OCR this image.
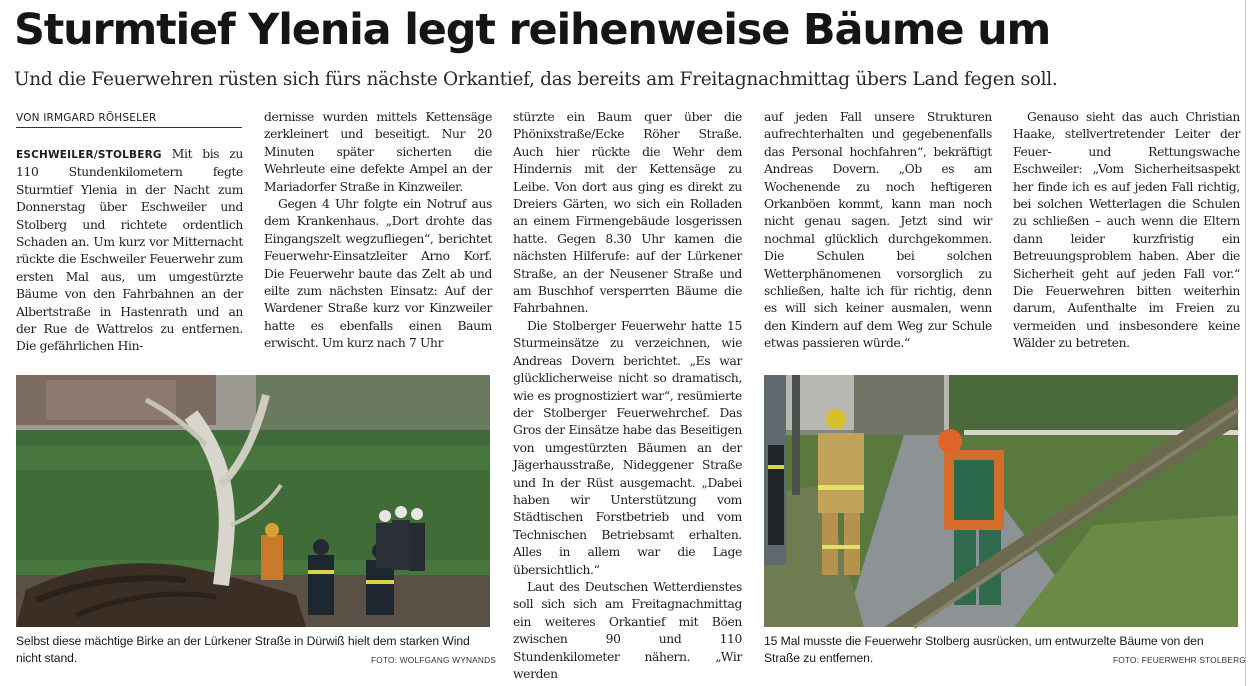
Sturmtief Ylenia legt reihenweise Bäume um
Und die Feuerwehren rüsten sich fürs nächste Orkantief, das bereits am Freitagnachmittag übers Land fegen soll.
VON IRMGARD RÖHSELER

ESCHWEILER/STOLBERG Mit bis zu 110 Stundenkilometern fegte Sturmtief Ylenia in der Nacht zum Donnerstag über Eschweiler und Stolberg und richtete ordentlich Schaden an. Um kurz vor Mitternacht rückte die Eschweiler Feuerwehr zum ersten Mal aus, um umgestürzte Bäume von den Fahrbahnen an der Albertstraße in Hastenrath und an der Rue de Wattrelos zu entfernen. Die gefährlichen Hin-

dernisse wurden mittels Kettensäge zerkleinert und beseitigt. Nur 20 Minuten später sicherten die Wehrleute eine defekte Ampel an der Mariadorfer Straße in Kinzweiler.

Gegen 4 Uhr folgte ein Notruf aus dem Krankenhaus. „Dort drohte das Eingangszelt wegzufliegen“, berichtet Feuerwehr-Einsatzleiter Arno Korf. Die Feuerwehr baute das Zelt ab und eilte zum nächsten Einsatz: Auf der Wardener Straße kurz vor Kinzweiler hatte es ebenfalls einen Baum erwischt. Um kurz nach 7 Uhr

stürzte ein Baum quer über die Phönixstraße/Ecke Röher Straße. Auch hier rückte die Wehr dem Hindernis mit der Kettensäge zu Leibe. Von dort aus ging es direkt zu Dreiers Gärten, wo sich ein Rolladen an einem Firmengebäude losgerissen hatte. Gegen 8.30 Uhr kamen die nächsten Hilferufe: auf der Lürkener Straße, an der Neusener Straße und am Buschhof versperrten Bäume die Fahrbahnen.

Die Stolberger Feuerwehr hatte 15 Sturmeinsätze zu verzeichnen, wie Andreas Dovern berichtet. „Es war glücklicherweise nicht so dramatisch, wie es prognostiziert war“, resümierte der Stolberger Feuerwehrchef. Das Gros der Einsätze habe das Beseitigen von umgestürzten Bäumen an der Jägerhausstraße, Nideggener Straße und In der Rüst ausgemacht. „Dabei haben wir Unterstützung vom Städtischen Forstbetrieb und vom Technischen Betriebsamt erhalten. Alles in allem war die Lage übersichtlich.“

Laut des Deutschen Wetterdienstes soll sich sich am Freitagnachmittag ein weiteres Orkantief mit Böen zwischen 90 und 110 Stundenkilometer nähern. „Wir werden

auf jeden Fall unsere Strukturen aufrechterhalten und gegebenenfalls das Personal hochfahren“, bekräftigt Andreas Dovern. „Ob es am Wochenende zu noch heftigeren Orkanböen kommt, kann man noch nicht genau sagen. Jetzt sind wir nochmal glücklich durchgekommen. Die Schulen bei solchen Wetterphänomenen vorsorglich zu schließen, halte ich für richtig, denn es will sich keiner ausmalen, wenn den Kindern auf dem Weg zur Schule etwas passieren würde.“

Genauso sieht das auch Christian Haake, stellvertretender Leiter der Feuer- und Rettungswache Eschweiler: „Vom Sicherheitsaspekt her finde ich es auf jeden Fall richtig, bei solchen Wetterlagen die Schulen zu schließen – auch wenn die Eltern dann leider kurzfristig ein Betreuungsproblem haben. Aber die Sicherheit geht auf jeden Fall vor.“ Die Feuerwehren bitten weiterhin darum, Aufenthalte im Freien zu vermeiden und insbesondere keine Wälder zu betreten.

Selbst diese mächtige Birke an der Lürkener Straße in Dürwiß hielt dem starken Wind nicht stand.	FOTO: WOLFGANG WYNANDS
15 Mal musste die Feuerwehr Stolberg ausrücken, um entwurzelte Bäume von den Straße zu entfernen.	FOTO: FEUERWEHR STOLBERG
